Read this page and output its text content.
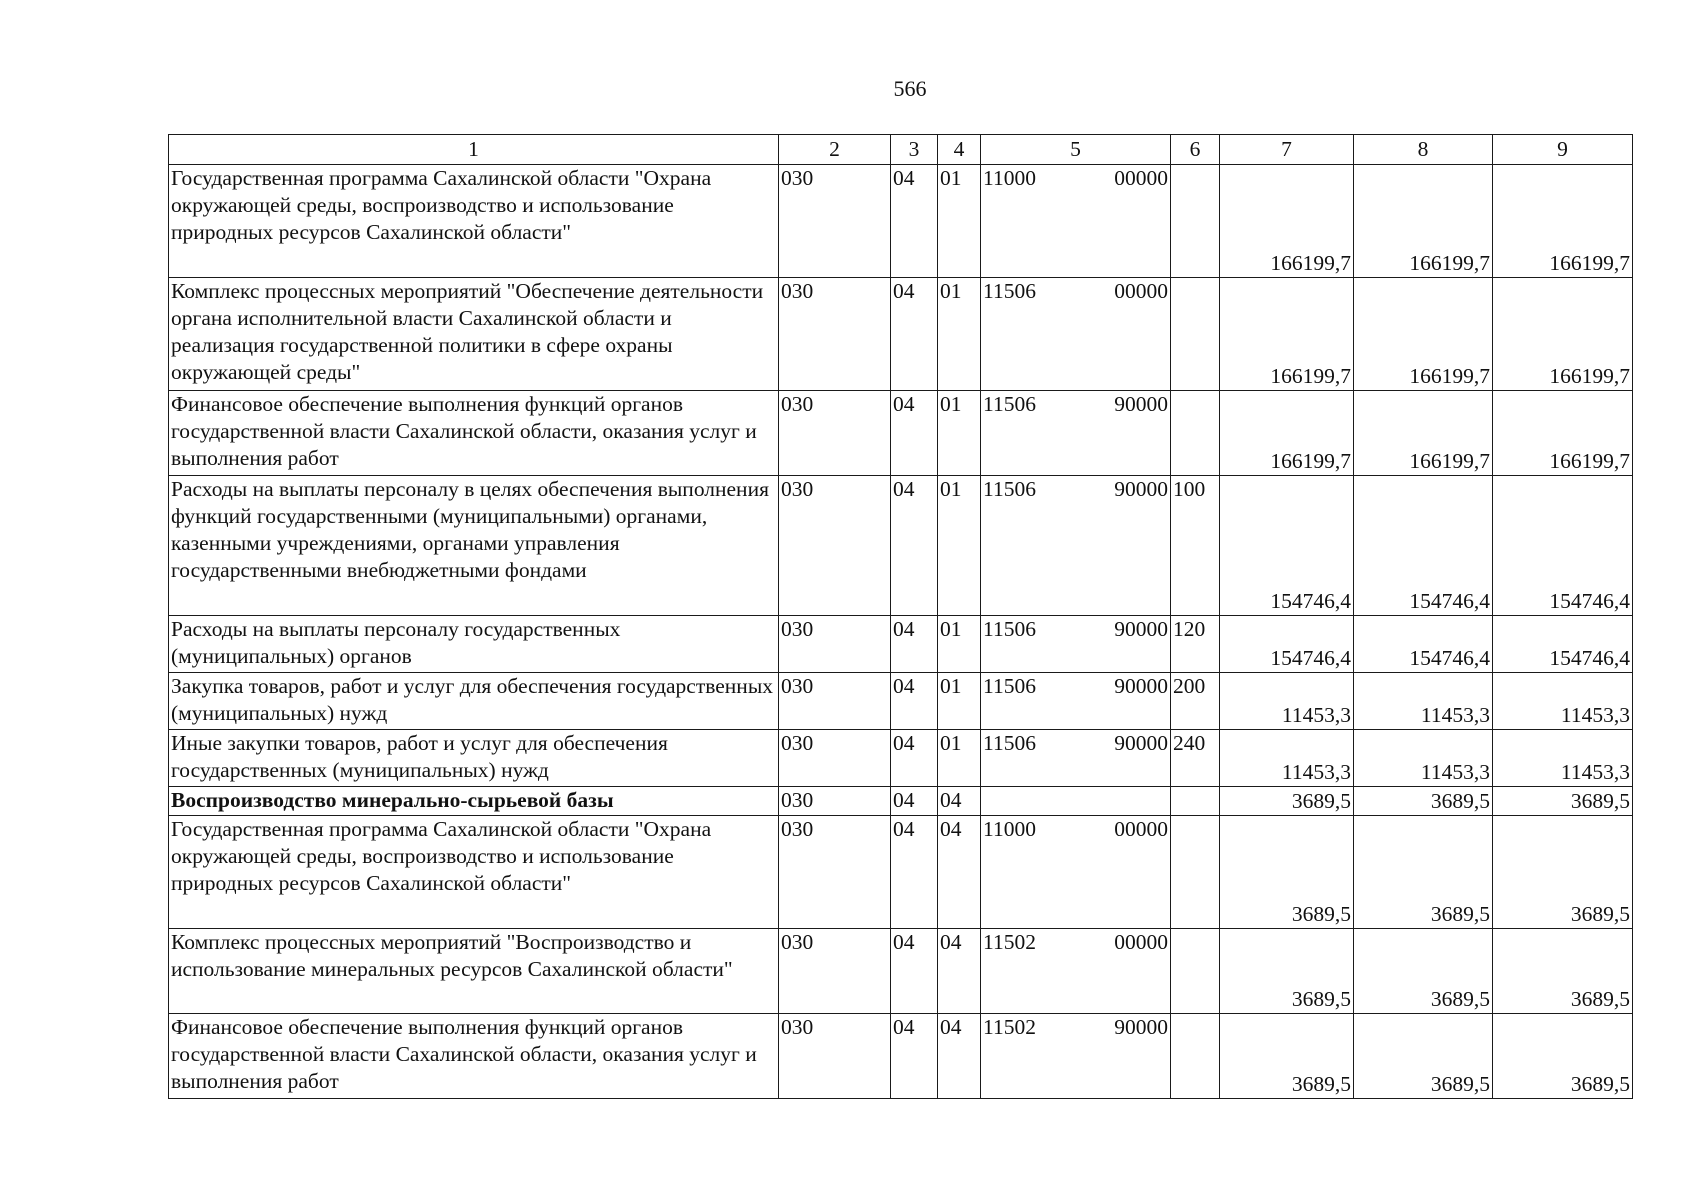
566
1	2	3	4	5	6	7	8	9
Государственная программа Сахалинской области "Охрана окружающей среды, воспроизводство и использование природных ресурсов Сахалинской области"	030	04	01	11000 00000		166199,7	166199,7	166199,7
Комплекс процессных мероприятий "Обеспечение деятельности органа исполнительной власти Сахалинской области и реализация государственной политики в сфере охраны окружающей среды"	030	04	01	11506 00000		166199,7	166199,7	166199,7
Финансовое обеспечение выполнения функций органов государственной власти Сахалинской области, оказания услуг и выполнения работ	030	04	01	11506 90000		166199,7	166199,7	166199,7
Расходы на выплаты персоналу в целях обеспечения выполнения функций государственными (муниципальными) органами, казенными учреждениями, органами управления государственными внебюджетными фондами	030	04	01	11506 90000	100	154746,4	154746,4	154746,4
Расходы на выплаты персоналу государственных (муниципальных) органов	030	04	01	11506 90000	120	154746,4	154746,4	154746,4
Закупка товаров, работ и услуг для обеспечения государственных (муниципальных) нужд	030	04	01	11506 90000	200	11453,3	11453,3	11453,3
Иные закупки товаров, работ и услуг для обеспечения государственных (муниципальных) нужд	030	04	01	11506 90000	240	11453,3	11453,3	11453,3
Воспроизводство минерально-сырьевой базы	030	04	04			3689,5	3689,5	3689,5
Государственная программа Сахалинской области "Охрана окружающей среды, воспроизводство и использование природных ресурсов Сахалинской области"	030	04	04	11000 00000		3689,5	3689,5	3689,5
Комплекс процессных мероприятий "Воспроизводство и использование минеральных ресурсов Сахалинской области"	030	04	04	11502 00000		3689,5	3689,5	3689,5
Финансовое обеспечение выполнения функций органов государственной власти Сахалинской области, оказания услуг и выполнения работ	030	04	04	11502 90000		3689,5	3689,5	3689,5
